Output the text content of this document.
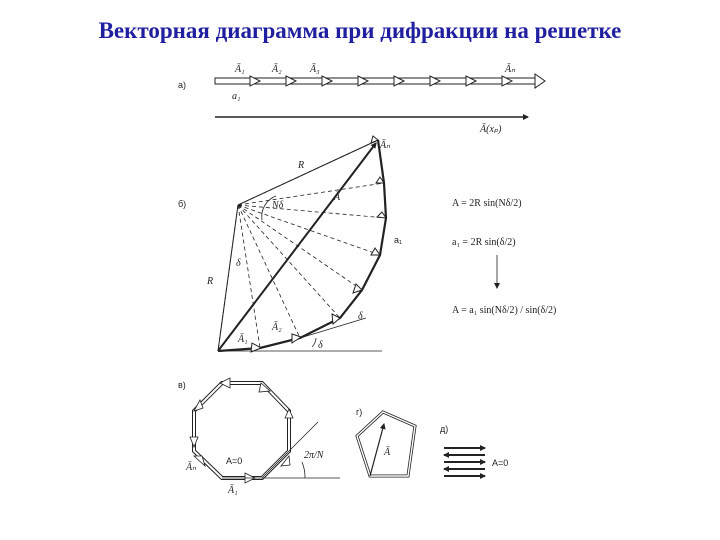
Векторная диаграмма при дифракции на решетке
а)
Ā₁	Ā₂	Ā₃	Āₙ
a₁
Ā(xₚ)
б)
R
R
Nδ
Ā
Āₙ
Ā₁
Ā₂
a₁
δ
δ
δ
A = 2R sin(Nδ/2)
a₁ = 2R sin(δ/2)
A = a₁ sin(Nδ/2) / sin(δ/2)
в)
A=0
Āₙ
Ā₁
2π/N
г)
Ā
д)
A=0
